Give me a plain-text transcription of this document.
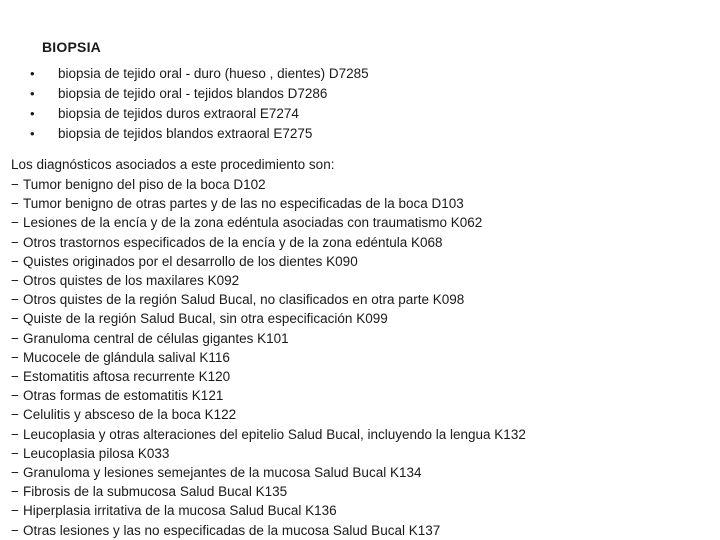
BIOPSIA
• biopsia de tejido oral - duro (hueso , dientes) D7285
• biopsia de tejido oral - tejidos blandos D7286
• biopsia de tejidos duros extraoral E7274
• biopsia de tejidos blandos extraoral E7275
Los diagnósticos asociados a este procedimiento son:
− Tumor benigno del piso de la boca D102
− Tumor benigno de otras partes y de las no especificadas de la boca D103
− Lesiones de la encía y de la zona edéntula asociadas con traumatismo K062
− Otros trastornos especificados de la encía y de la zona edéntula K068
− Quistes originados por el desarrollo de los dientes K090
− Otros quistes de los maxilares K092
− Otros quistes de la región Salud Bucal, no clasificados en otra parte K098
− Quiste de la región Salud Bucal, sin otra especificación K099
− Granuloma central de células gigantes K101
− Mucocele de glándula salival K116
− Estomatitis aftosa recurrente K120
− Otras formas de estomatitis K121
− Celulitis y absceso de la boca K122
− Leucoplasia y otras alteraciones del epitelio Salud Bucal, incluyendo la lengua K132
− Leucoplasia pilosa K033
− Granuloma y lesiones semejantes de la mucosa Salud Bucal K134
− Fibrosis de la submucosa Salud Bucal K135
− Hiperplasia irritativa de la mucosa Salud Bucal K136
− Otras lesiones y las no especificadas de la mucosa Salud Bucal K137
